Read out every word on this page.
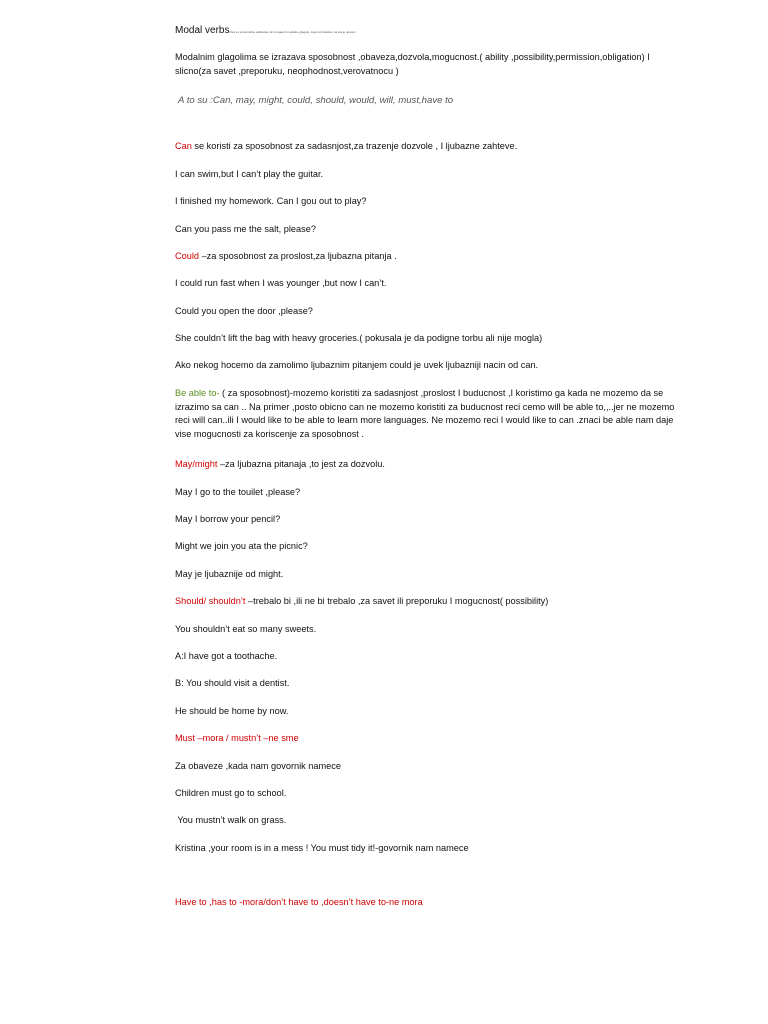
Modal verbsOva su univerzalne aplikacije za to lagas ili modalne glagole, koje na Dodatno na sta je upucen
Modalnim glagolima se izrazava sposobnost ,obaveza,dozvola,mogucnost.( ability ,possibility,permission,obligation) I slicno(za savet ,preporuku, neophodnost,verovatnocu )
A to su :Can, may, might, could, should, would, will, must,have to
Can se koristi za sposobnost za sadasnjost,za trazenje dozvole , I ljubazne zahteve.
I can swim,but I can’t play the guitar.
I finished my homework. Can I gou out to play?
Can you pass me the salt, please?
Could –za sposobnost za proslost,za ljubazna pitanja .
I could run fast when I was younger ,but now I can’t.
Could you open the door ,please?
She couldn’t lift the bag with heavy groceries.( pokusala je da podigne torbu ali nije mogla)
Ako nekog hocemo da zamolimo ljubaznim pitanjem could je uvek ljubazniji nacin od can.
Be able to- ( za sposobnost)-mozemo koristiti za sadasnjost ,proslost I buducnost ,I koristimo ga kada ne mozemo da se izrazimo sa can .. Na primer ,posto obicno can ne mozemo koristiti za buducnost reci cemo will be able to,,..jer ne mozemo reci will can..ili I would like to be able to learn more languages. Ne mozemo reci I would like to can .znaci be able nam daje vise mogucnosti za koriscenje za sposobnost .
May/might –za ljubazna pitanaja ,to jest za dozvolu.
May I go to the touilet ,please?
May I borrow your pencil?
Might we join you ata the picnic?
May je ljubaznije od might.
Should/ shouldn’t –trebalo bi ,ili ne bi trebalo ,za savet ili preporuku I mogucnost( possibility)
You shouldn’t eat so many sweets.
A:I have got a toothache.
B: You should visit a dentist.
He should be home by now.
Must –mora / mustn’t –ne sme
Za obaveze ,kada nam govornik namece
Children must go to school.
You mustn’t walk on grass.
Kristina ,your room is in a mess ! You must tidy it!-govornik nam namece
Have to ,has to -mora/don’t have to ,doesn’t have to-ne mora
